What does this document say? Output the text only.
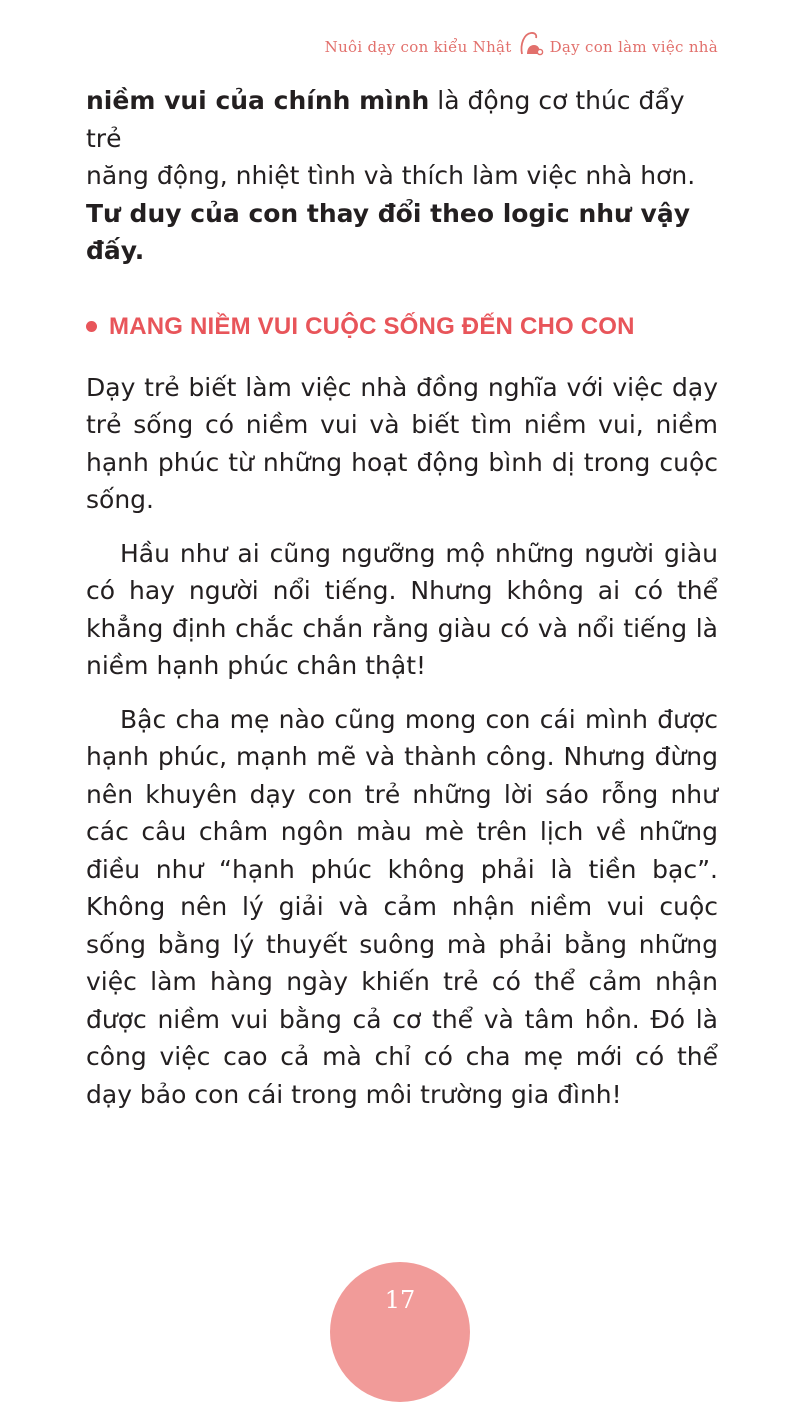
Nuôi dạy con kiểu Nhật	Dạy con làm việc nhà

niềm vui của chính mình là động cơ thúc đẩy trẻ
năng động, nhiệt tình và thích làm việc nhà hơn.
Tư duy của con thay đổi theo logic như vậy đấy.

MANG NIỀM VUI CUỘC SỐNG ĐẾN CHO CON

Dạy trẻ biết làm việc nhà đồng nghĩa với việc dạy trẻ sống có niềm vui và biết tìm niềm vui, niềm hạnh phúc từ những hoạt động bình dị trong cuộc sống.

Hầu như ai cũng ngưỡng mộ những người giàu có hay người nổi tiếng. Nhưng không ai có thể khẳng định chắc chắn rằng giàu có và nổi tiếng là niềm hạnh phúc chân thật!

Bậc cha mẹ nào cũng mong con cái mình được hạnh phúc, mạnh mẽ và thành công. Nhưng đừng nên khuyên dạy con trẻ những lời sáo rỗng như các câu châm ngôn màu mè trên lịch về những điều như “hạnh phúc không phải là tiền bạc”. Không nên lý giải và cảm nhận niềm vui cuộc sống bằng lý thuyết suông mà phải bằng những việc làm hàng ngày khiến trẻ có thể cảm nhận được niềm vui bằng cả cơ thể và tâm hồn. Đó là công việc cao cả mà chỉ có cha mẹ mới có thể dạy bảo con cái trong môi trường gia đình!

17
